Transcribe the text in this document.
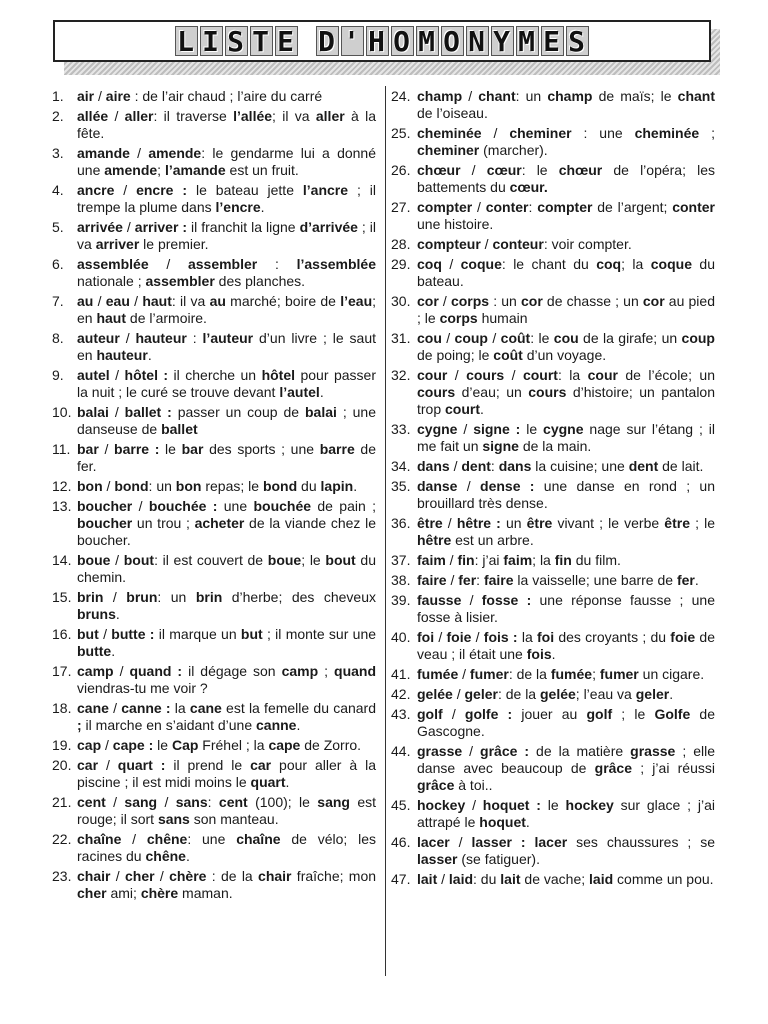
L I S T E D ' H O M O N Y M E S
1. air / aire : de l’air chaud ; l’aire du carré
2. allée / aller: il traverse l’allée; il va aller à la fête.
3. amande / amende: le gendarme lui a donné une amende; l’amande est un fruit.
4. ancre / encre : le bateau jette l’ancre ; il trempe la plume dans l’encre.
5. arrivée / arriver : il franchit la ligne d’arrivée ; il va arriver le premier.
6. assemblée / assembler : l’assemblée nationale ; assembler des planches.
7. au / eau / haut: il va au marché; boire de l’eau; en haut de l’armoire.
8. auteur / hauteur : l’auteur d’un livre ; le saut en hauteur.
9. autel / hôtel : il cherche un hôtel pour passer la nuit ; le curé se trouve devant l’autel.
10. balai / ballet : passer un coup de balai ; une danseuse de ballet
11. bar / barre : le bar des sports ; une barre de fer.
12. bon / bond: un bon repas; le bond du lapin.
13. boucher / bouchée : une bouchée de pain ; boucher un trou ; acheter de la viande chez le boucher.
14. boue / bout: il est couvert de boue; le bout du chemin.
15. brin / brun: un brin d’herbe; des cheveux bruns.
16. but / butte : il marque un but ; il monte sur une butte.
17. camp / quand : il dégage son camp ; quand viendras-tu me voir ?
18. cane / canne : la cane est la femelle du canard ; il marche en s’aidant d’une canne.
19. cap / cape : le Cap Fréhel ; la cape de Zorro.
20. car / quart : il prend le car pour aller à la piscine ; il est midi moins le quart.
21. cent / sang / sans: cent (100); le sang est rouge; il sort sans son manteau.
22. chaîne / chêne: une chaîne de vélo; les racines du chêne.
23. chair / cher / chère : de la chair fraîche; mon cher ami; chère maman.
24. champ / chant: un champ de maïs; le chant de l’oiseau.
25. cheminée / cheminer : une cheminée ; cheminer (marcher).
26. chœur / cœur: le chœur de l’opéra; les battements du cœur.
27. compter / conter: compter de l’argent; conter une histoire.
28. compteur / conteur: voir compter.
29. coq / coque: le chant du coq; la coque du bateau.
30. cor / corps : un cor de chasse ; un cor au pied ; le corps humain
31. cou / coup / coût: le cou de la girafe; un coup de poing; le coût d’un voyage.
32. cour / cours / court: la cour de l’école; un cours d’eau; un cours d’histoire; un pantalon trop court.
33. cygne / signe : le cygne nage sur l’étang ; il me fait un signe de la main.
34. dans / dent: dans la cuisine; une dent de lait.
35. danse / dense : une danse en rond ; un brouillard très dense.
36. être / hêtre : un être vivant ; le verbe être ; le hêtre est un arbre.
37. faim / fin: j’ai faim; la fin du film.
38. faire / fer: faire la vaisselle; une barre de fer.
39. fausse / fosse : une réponse fausse ; une fosse à lisier.
40. foi / foie / fois : la foi des croyants ; du foie de veau ; il était une fois.
41. fumée / fumer: de la fumée; fumer un cigare.
42. gelée / geler: de la gelée; l’eau va geler.
43. golf / golfe : jouer au golf ; le Golfe de Gascogne.
44. grasse / grâce : de la matière grasse ; elle danse avec beaucoup de grâce ; j’ai réussi grâce à toi..
45. hockey / hoquet : le hockey sur glace ; j’ai attrapé le hoquet.
46. lacer / lasser : lacer ses chaussures ; se lasser (se fatiguer).
47. lait / laid: du lait de vache; laid comme un pou.
